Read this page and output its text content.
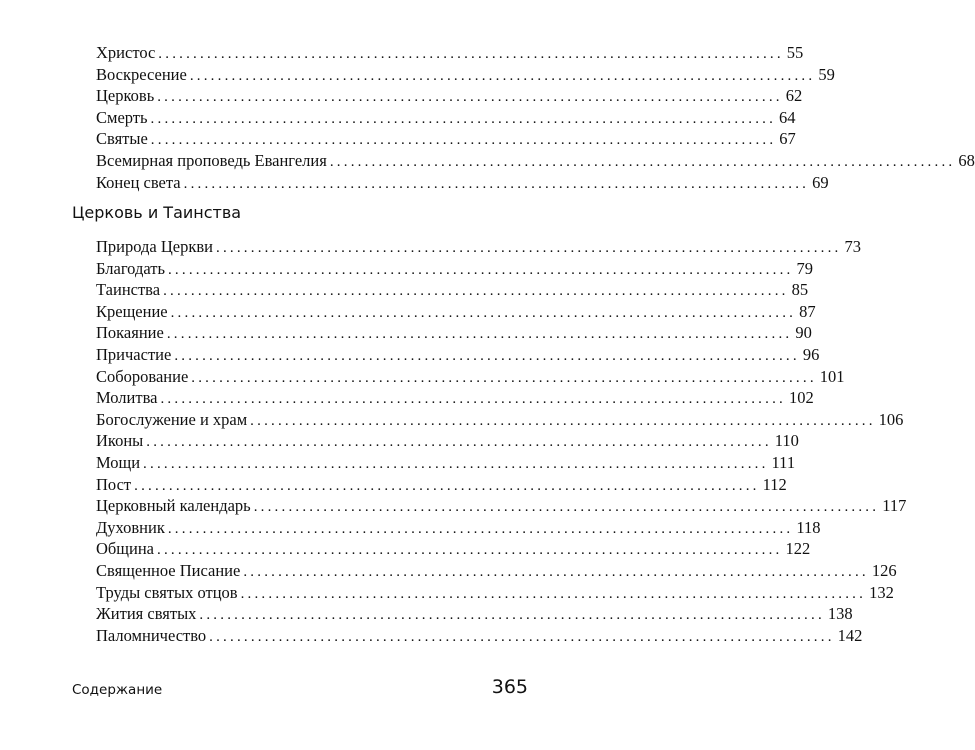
Христос .......................................................................................... 55
Воскресение .......................................................................................... 59
Церковь .......................................................................................... 62
Смерть .......................................................................................... 64
Святые .......................................................................................... 67
Всемирная проповедь Евангелия .......................................................................................... 68
Конец света .......................................................................................... 69
Церковь и Таинства
Природа Церкви .......................................................................................... 73
Благодать .......................................................................................... 79
Таинства .......................................................................................... 85
Крещение .......................................................................................... 87
Покаяние .......................................................................................... 90
Причастие .......................................................................................... 96
Соборование .......................................................................................... 101
Молитва .......................................................................................... 102
Богослужение и храм .......................................................................................... 106
Иконы .......................................................................................... 110
Мощи .......................................................................................... 111
Пост .......................................................................................... 112
Церковный календарь .......................................................................................... 117
Духовник .......................................................................................... 118
Община .......................................................................................... 122
Священное Писание .......................................................................................... 126
Труды святых отцов .......................................................................................... 132
Жития святых .......................................................................................... 138
Паломничество .......................................................................................... 142
Содержание	365
